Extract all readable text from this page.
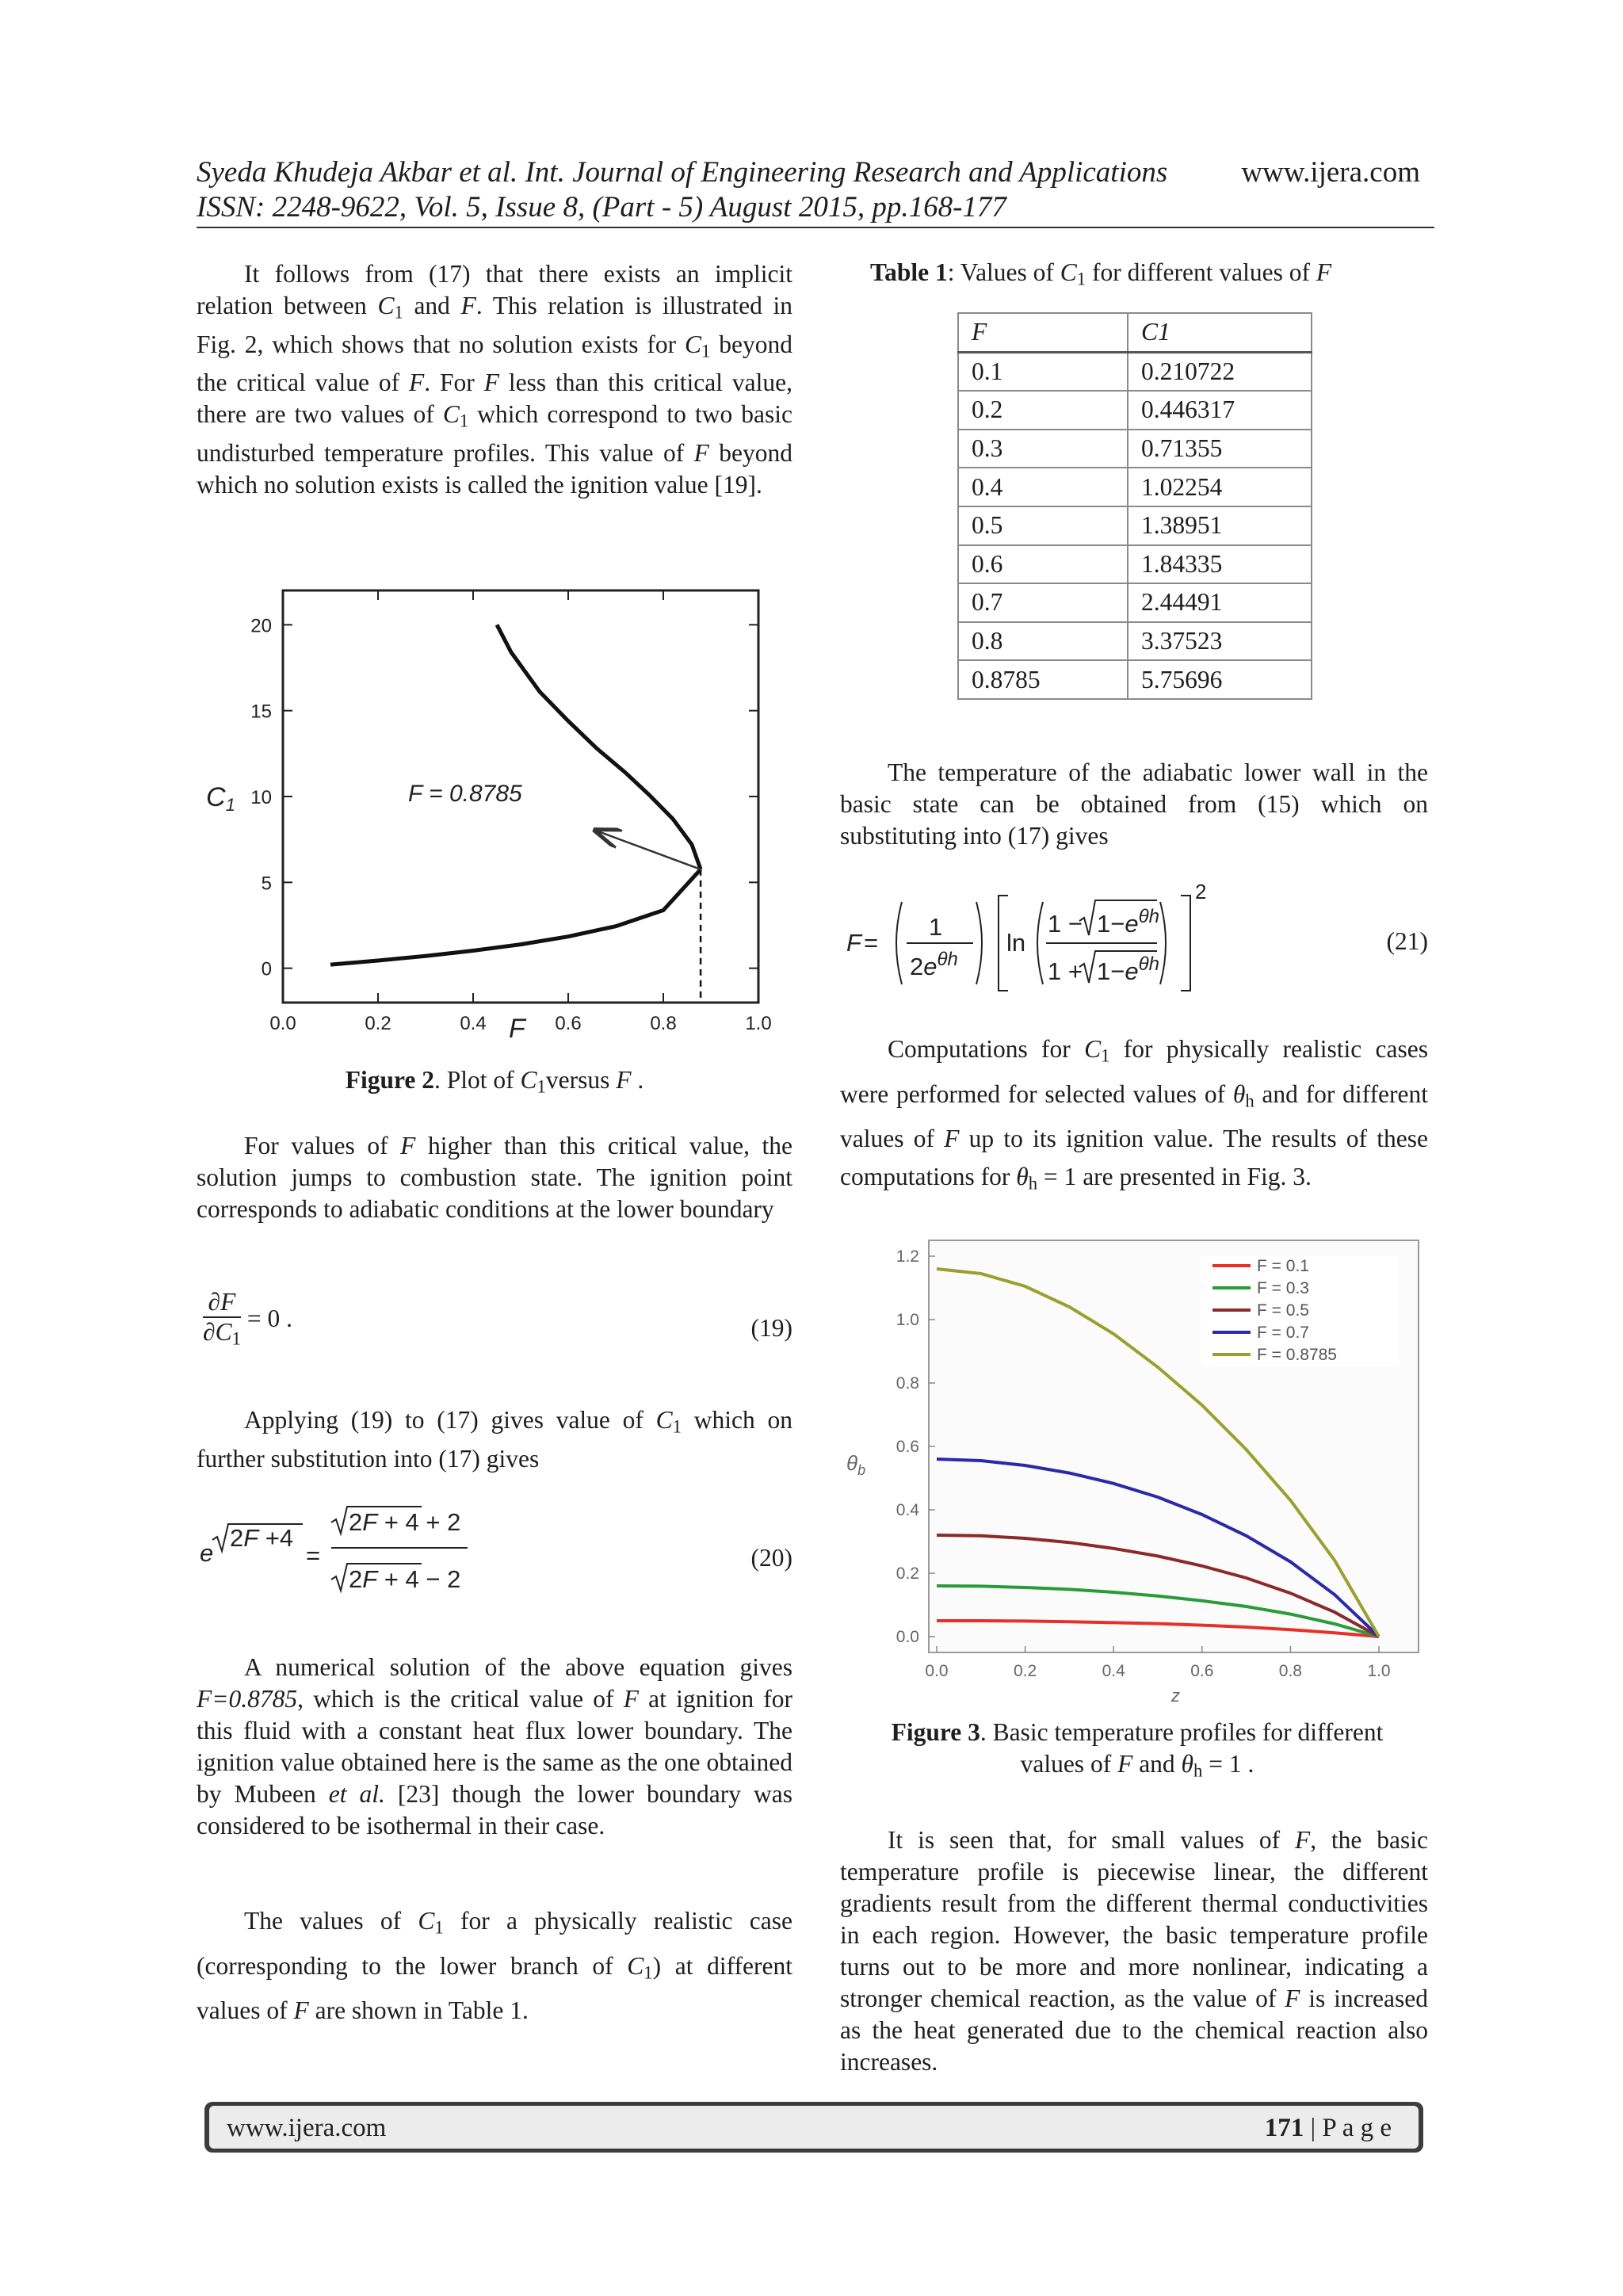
Syeda Khudeja Akbar et al. Int. Journal of Engineering Research and Applications	www.ijera.com
ISSN: 2248-9622, Vol. 5, Issue 8, (Part - 5) August 2015, pp.168-177
It follows from (17) that there exists an implicit relation between $C_1$ and F. This relation is illustrated in Fig. 2, which shows that no solution exists for $C_1$ beyond the critical value of F. For F less than this critical value, there are two values of $C_1$ which correspond to two basic undisturbed temperature profiles. This value of F beyond which no solution exists is called the ignition value [19].
0.0	0.2	0.4	0.6	0.8	1.0
0
5
10
15
20
F = 0.8785
C1
F
Figure 2. Plot of $C_1versus$ F .
For values of F higher than this critical value, the solution jumps to combustion state. The ignition point corresponds to adiabatic conditions at the lower boundary
$\frac{\partial F}{\partial C_1} = 0$ .	(19)
Applying (19) to (17) gives value of $C_1$ which on further substitution into (17) gives
e
2F +4
=
2F + 4 + 2
2F + 4 − 2
(20)
A numerical solution of the above equation gives F=0.8785, which is the critical value of F at ignition for this fluid with a constant heat flux lower boundary. The ignition value obtained here is the same as the one obtained by Mubeen et al. [23] though the lower boundary was considered to be isothermal in their case.
The values of $C_1$ for a physically realistic case (corresponding to the lower branch of $C_1$) at different values of F are shown in Table 1.
Table 1: Values of $C_1$ for different values of F
F	C1
0.1	0.210722
0.2	0.446317
0.3	0.71355
0.4	1.02254
0.5	1.38951
0.6	1.84335
0.7	2.44491
0.8	3.37523
0.8785	5.75696
The temperature of the adiabatic lower wall in the basic state can be obtained from (15) which on substituting into (17) gives
F =
1
$2e^{\theta h}$
ln
$1 - 1-e^{\theta h}$
$1 + 1-e^{\theta h}$
2
(21)
Computations for $C_1$ for physically realistic cases were performed for selected values of $\theta_h$ and for different values of F up to its ignition value. The results of these computations for $\theta_h = 1$ are presented in Fig. 3.
0.0	0.2	0.4	0.6	0.8	1.0
0.0
0.2
0.4
0.6
0.8
1.0
1.2
F = 0.1
F = 0.3
F = 0.5
F = 0.7
F = 0.8785
$\theta_b$
z
Figure 3. Basic temperature profiles for different
values of F and $\theta_h = 1$ .
It is seen that, for small values of F, the basic temperature profile is piecewise linear, the different gradients result from the different thermal conductivities in each region. However, the basic temperature profile turns out to be more and more nonlinear, indicating a stronger chemical reaction, as the value of F is increased as the heat generated due to the chemical reaction also increases.
www.ijera.com	171 | P a g e
